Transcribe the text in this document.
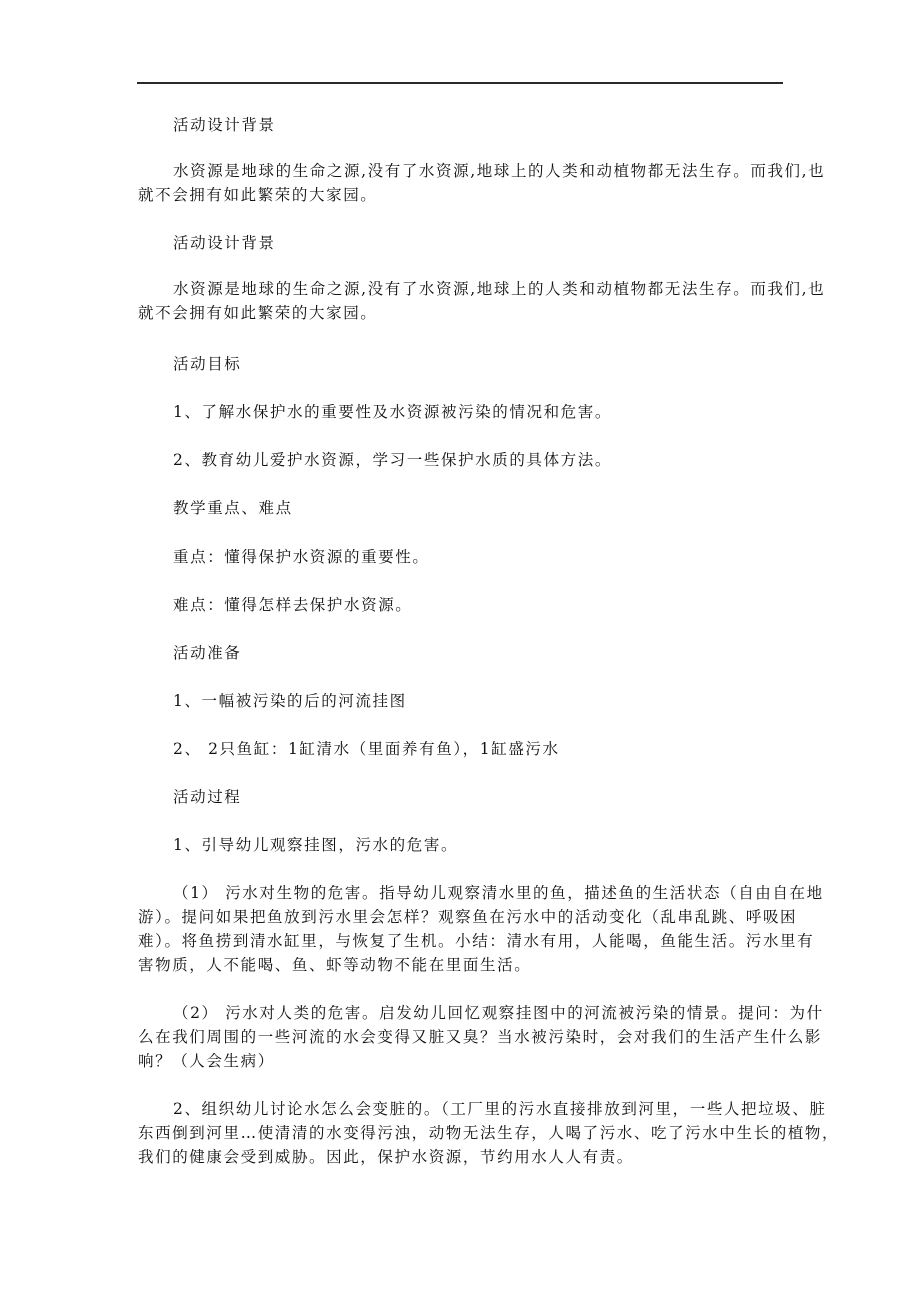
活动设计背景
水资源是地球的生命之源,没有了水资源,地球上的人类和动植物都无法生存。而我们,也
就不会拥有如此繁荣的大家园。
活动设计背景
水资源是地球的生命之源,没有了水资源,地球上的人类和动植物都无法生存。而我们,也
就不会拥有如此繁荣的大家园。
活动目标
1、了解水保护水的重要性及水资源被污染的情况和危害。
2、教育幼儿爱护水资源，学习一些保护水质的具体方法。
教学重点、难点
重点：懂得保护水资源的重要性。
难点：懂得怎样去保护水资源。
活动准备
1、一幅被污染的后的河流挂图
2、 2只鱼缸：1缸清水（里面养有鱼），1缸盛污水
活动过程
1、引导幼儿观察挂图，污水的危害。
（1） 污水对生物的危害。指导幼儿观察清水里的鱼，描述鱼的生活状态（自由自在地
游）。提问如果把鱼放到污水里会怎样？观察鱼在污水中的活动变化（乱串乱跳、呼吸困
难）。将鱼捞到清水缸里，与恢复了生机。小结：清水有用，人能喝，鱼能生活。污水里有
害物质，人不能喝、鱼、虾等动物不能在里面生活。
（2） 污水对人类的危害。启发幼儿回忆观察挂图中的河流被污染的情景。提问：为什
么在我们周围的一些河流的水会变得又脏又臭？当水被污染时，会对我们的生活产生什么影
响？（人会生病）
2、组织幼儿讨论水怎么会变脏的。（工厂里的污水直接排放到河里，一些人把垃圾、脏
东西倒到河里…使清清的水变得污浊，动物无法生存，人喝了污水、吃了污水中生长的植物，
我们的健康会受到威胁。因此，保护水资源，节约用水人人有责。
